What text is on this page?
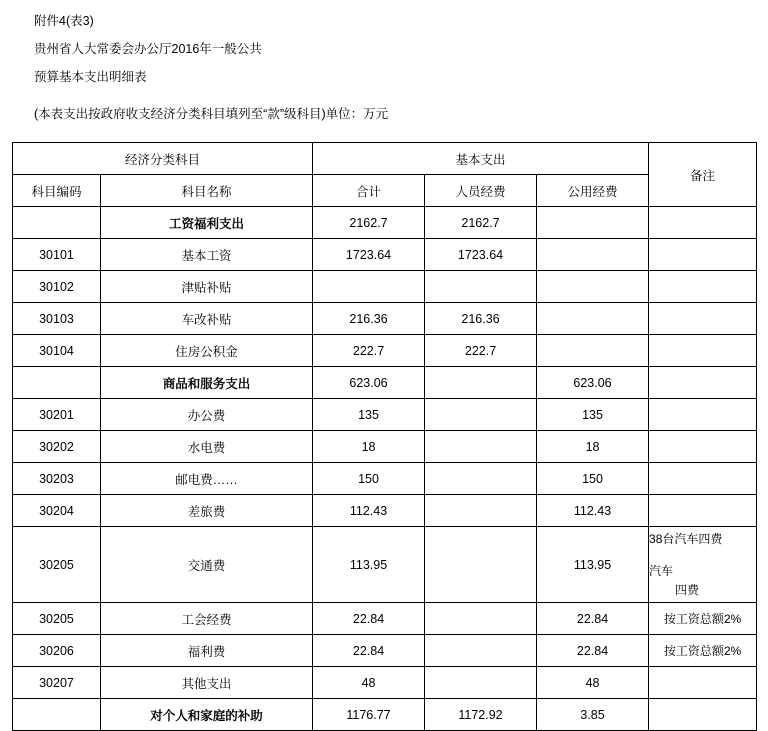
附件4(表3)
贵州省人大常委会办公厅2016年一般公共
预算基本支出明细表
(本表支出按政府收支经济分类科目填列至“款”级科目)单位：万元
经济分类科目		基本支出			备注
科目编码	科目名称	合计	人员经费	公用经费	
	工资福利支出	2162.7	2162.7		
30101	基本工资	1723.64	1723.64		
30102	津贴补贴				
30103	车改补贴	216.36	216.36		
30104	住房公积金	222.7	222.7		
	商品和服务支出	623.06		623.06	
30201	办公费	135		135	
30202	水电费	18		18	
30203	邮电费……	150		150	
30204	差旅费	112.43		112.43	
30205	交通费	113.95		113.95	38台汽车四费
汽车
四费

30205	工会经费	22.84		22.84	按工资总额2%
30206	福利费	22.84		22.84	按工资总额2%
30207	其他支出	48		48	
	对个人和家庭的补助	1176.77	1172.92	3.85	
